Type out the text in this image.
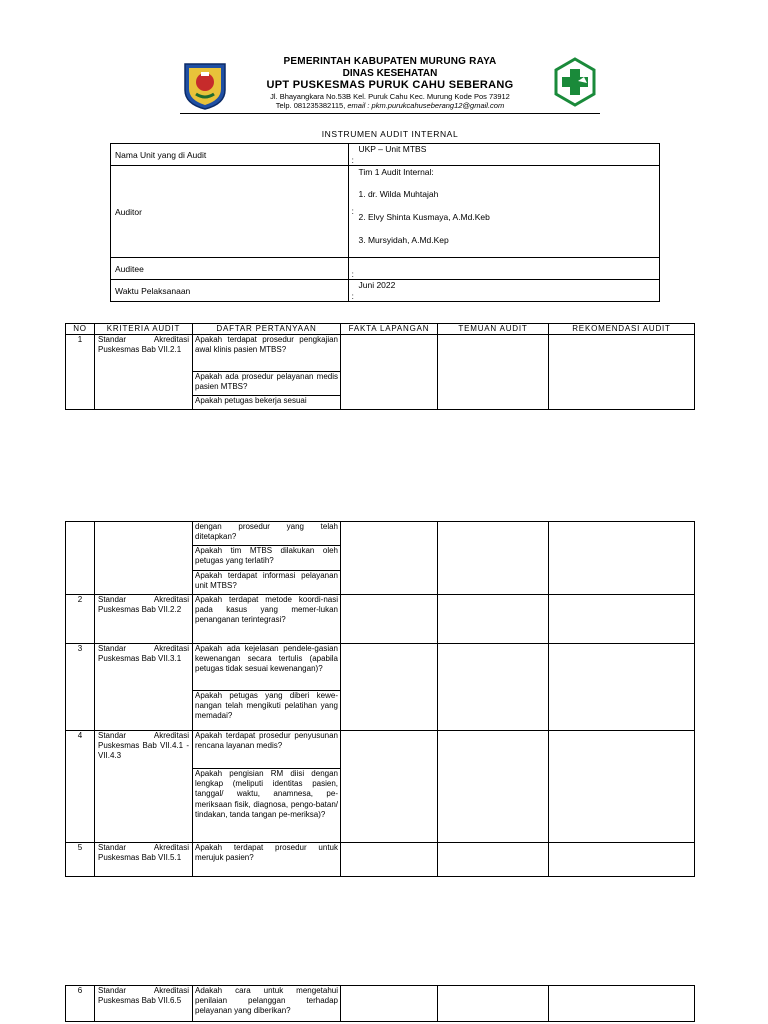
PEMERINTAH KABUPATEN MURUNG RAYA
DINAS KESEHATAN
UPT PUSKESMAS PURUK CAHU SEBERANG
Jl. Bhayangkara No.53B Kel. Puruk Cahu Kec. Murung Kode Pos 73912
Telp. 081235382115, email : pkm.purukcahuseberang12@gmail.com
INSTRUMEN AUDIT INTERNAL
Nama Unit yang di Audit	:	UKP – Unit MTBS
Auditor	:	Tim 1 Audit Internal:

1. dr. Wilda Muhtajah

2. Elvy Shinta Kusmaya, A.Md.Keb

3. Mursyidah, A.Md.Kep

Auditee	:	
Waktu Pelaksanaan	:	Juni 2022
NO	KRITERIA AUDIT	DAFTAR PERTANYAAN	FAKTA LAPANGAN	TEMUAN AUDIT	REKOMENDASI AUDIT
1	Standar Akreditasi Puskesmas Bab VII.2.1	Apakah terdapat prosedur pengkajian awal klinis pasien MTBS?			
		Apakah ada prosedur pelayanan medis pasien MTBS?			
		Apakah petugas bekerja sesuai			
		dengan prosedur yang telah ditetapkan?			
		Apakah tim MTBS dilakukan oleh petugas yang terlatih?			
		Apakah terdapat informasi pelayanan unit MTBS?			
2	Standar Akreditasi Puskesmas Bab VII.2.2	Apakah terdapat metode koordi-nasi pada kasus yang memer-lukan penanganan terintegrasi?			
3	Standar Akreditasi Puskesmas Bab VII.3.1	Apakah ada kejelasan pendele-gasian kewenangan secara tertulis (apabila petugas tidak sesuai kewenangan)?			
		Apakah petugas yang diberi kewe-nangan telah mengikuti pelatihan yang memadai?			
4	Standar Akreditasi Puskesmas Bab VII.4.1 - VII.4.3	Apakah terdapat prosedur penyusunan rencana layanan medis?			
		Apakah pengisian RM diisi dengan lengkap (meliputi identitas pasien, tanggal/ waktu, anamnesa, pe-meriksaan fisik, diagnosa, pengo-batan/ tindakan, tanda tangan pe-meriksa)?			
5	Standar Akreditasi Puskesmas Bab VII.5.1	Apakah terdapat prosedur untuk merujuk pasien?			
6	Standar Akreditasi Puskesmas Bab VII.6.5	Adakah cara untuk mengetahui penilaian pelanggan terhadap pelayanan yang diberikan?			
